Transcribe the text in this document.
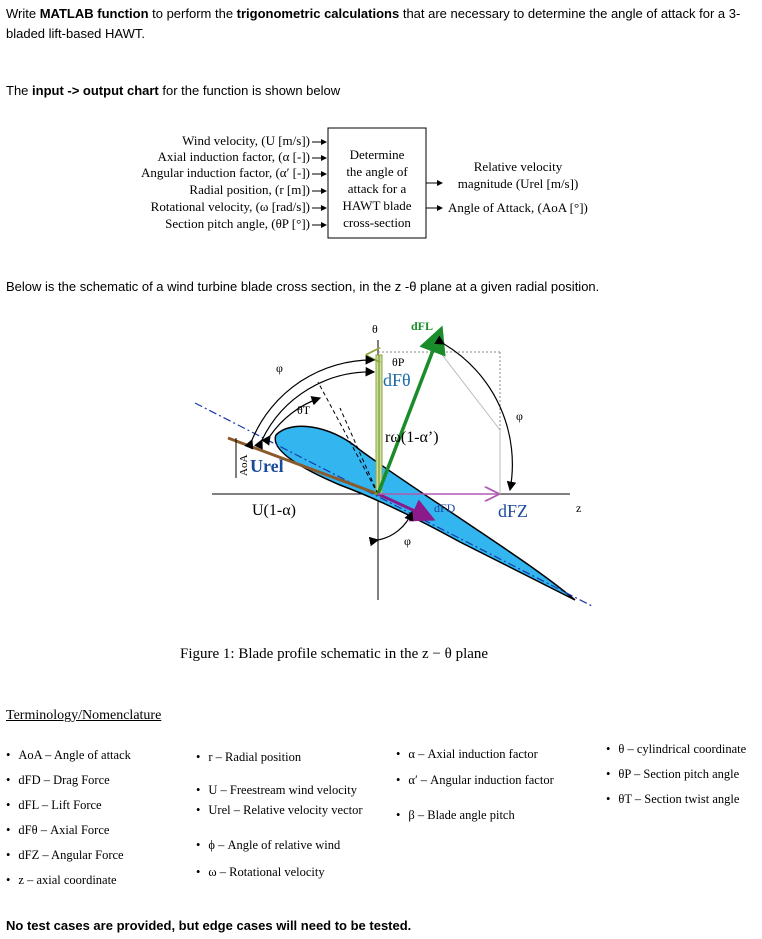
Write MATLAB function to perform the trigonometric calculations that are necessary to determine the angle of attack for a 3-bladed lift-based HAWT.
The input -> output chart for the function is shown below
Wind velocity, (U [m/s])
Axial induction factor, (α [-])
Angular induction factor, (α′ [-])
Radial position, (r [m])
Rotational velocity, (ω [rad/s])
Section pitch angle, (θP [°])
Determine
the angle of
attack for a
HAWT blade
cross-section
Relative velocity
magnitude (Urel [m/s])
Angle of Attack, (AoA [°])
Below is the schematic of a wind turbine blade cross section, in the z -θ plane at a given radial position.
θ	dFL
φ	θP
dFθ
θT	φ
rω(1-α’)
Urel
U(1-α)	dFD dFZ	z
φ
AoA
Figure 1: Blade profile schematic in the z − θ plane
Terminology/Nomenclature
• AoA – Angle of attack
• dFD – Drag Force
• dFL – Lift Force
• dFθ – Axial Force
• dFZ – Angular Force
• z – axial coordinate
• r – Radial position
• U – Freestream wind velocity
• Urel – Relative velocity vector
• ϕ – Angle of relative wind
• ω – Rotational velocity
• α – Axial induction factor
• α′ – Angular induction factor
• β – Blade angle pitch
• θ – cylindrical coordinate
• θP – Section pitch angle
• θT – Section twist angle
No test cases are provided, but edge cases will need to be tested.
